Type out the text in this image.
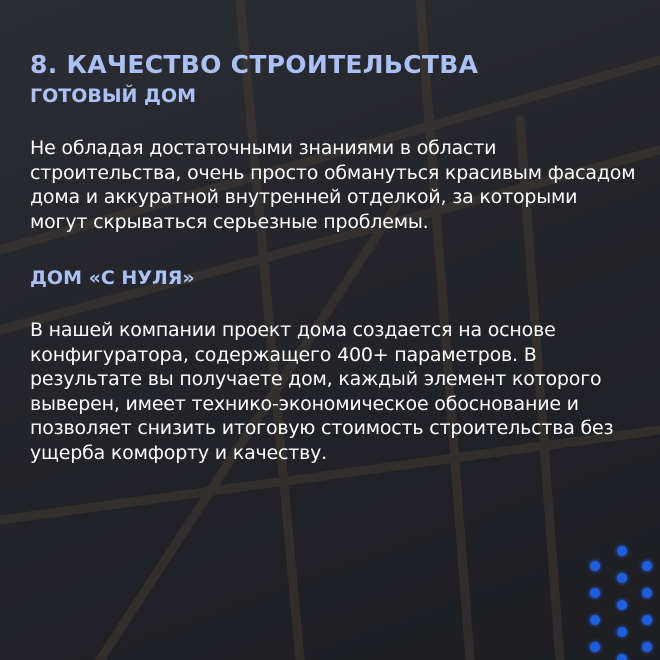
8. КАЧЕСТВО СТРОИТЕЛЬСТВА
ГОТОВЫЙ ДОМ
Не обладая достаточными знаниями в области строительства, очень просто обмануться красивым фасадом дома и аккуратной внутренней отделкой, за которыми могут скрываться серьезные проблемы.
ДОМ «С НУЛЯ»
В нашей компании проект дома создается на основе конфигуратора, содержащего 400+ параметров. В результате вы получаете дом, каждый элемент которого выверен, имеет технико-экономическое обоснование и позволяет снизить итоговую стоимость строительства без ущерба комфорту и качеству.
